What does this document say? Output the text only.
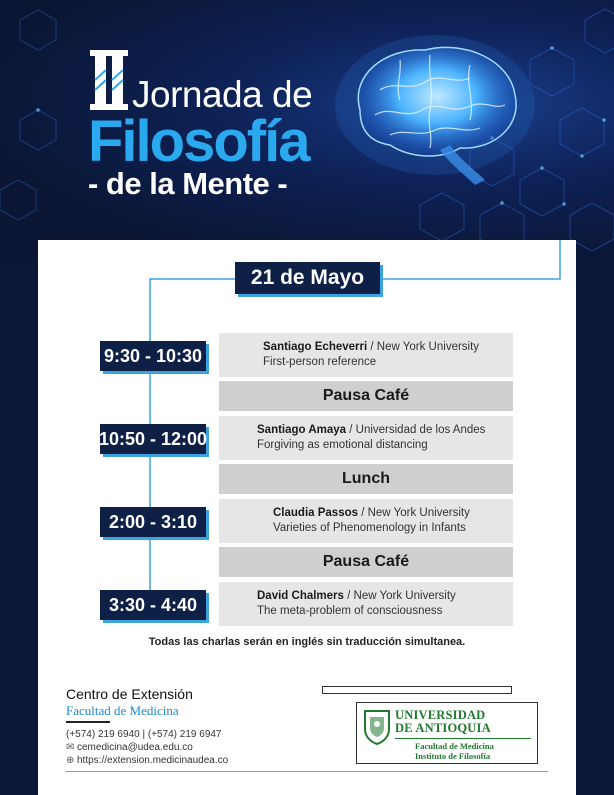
Jornada de
Filosofía
- de la Mente -
21 de Mayo
9:30 - 10:30
10:50 - 12:00
2:00 - 3:10
3:30 - 4:40
Santiago Echeverri / New York University
First-person reference
Pausa Café
Santiago Amaya / Universidad de los Andes
Forgiving as emotional distancing
Lunch
Claudia Passos / New York University
Varieties of Phenomenology in Infants
Pausa Café
David Chalmers / New York University
The meta-problem of consciousness
Todas las charlas serán en inglés sin traducción simultanea.
Centro de Extensión
Facultad de Medicina
(+574) 219 6940 | (+574) 219 6947
✉ cemedicina@udea.edu.co
⊕ https://extension.medicinaudea.co
UNIVERSIDAD
DE ANTIOQUIA
Facultad de Medicina
Instituto de Filosofía
